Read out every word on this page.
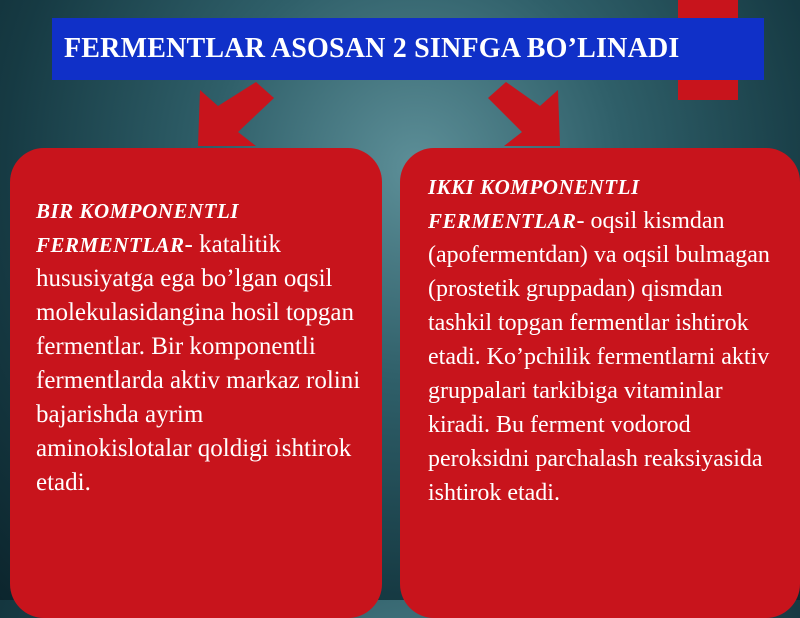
FERMENTLAR ASOSAN 2 SINFGA BO’LINADI
BIR KOMPONENTLI FERMENTLAR- katalitik hususiyatga ega bo’lgan oqsil molekulasidangina hosil topgan fermentlar. Bir komponentli fermentlarda aktiv markaz rolini bajarishda ayrim aminokislotalar qoldigi ishtirok etadi.
IKKI KOMPONENTLI FERMENTLAR- oqsil kismdan (apofermentdan) va oqsil bulmagan (prostetik gruppadan) qismdan tashkil topgan fermentlar ishtirok etadi. Ko’pchilik fermentlarni aktiv gruppalari tarkibiga vitaminlar kiradi. Bu ferment vodorod peroksidni parchalash reaksiyasida ishtirok etadi.
